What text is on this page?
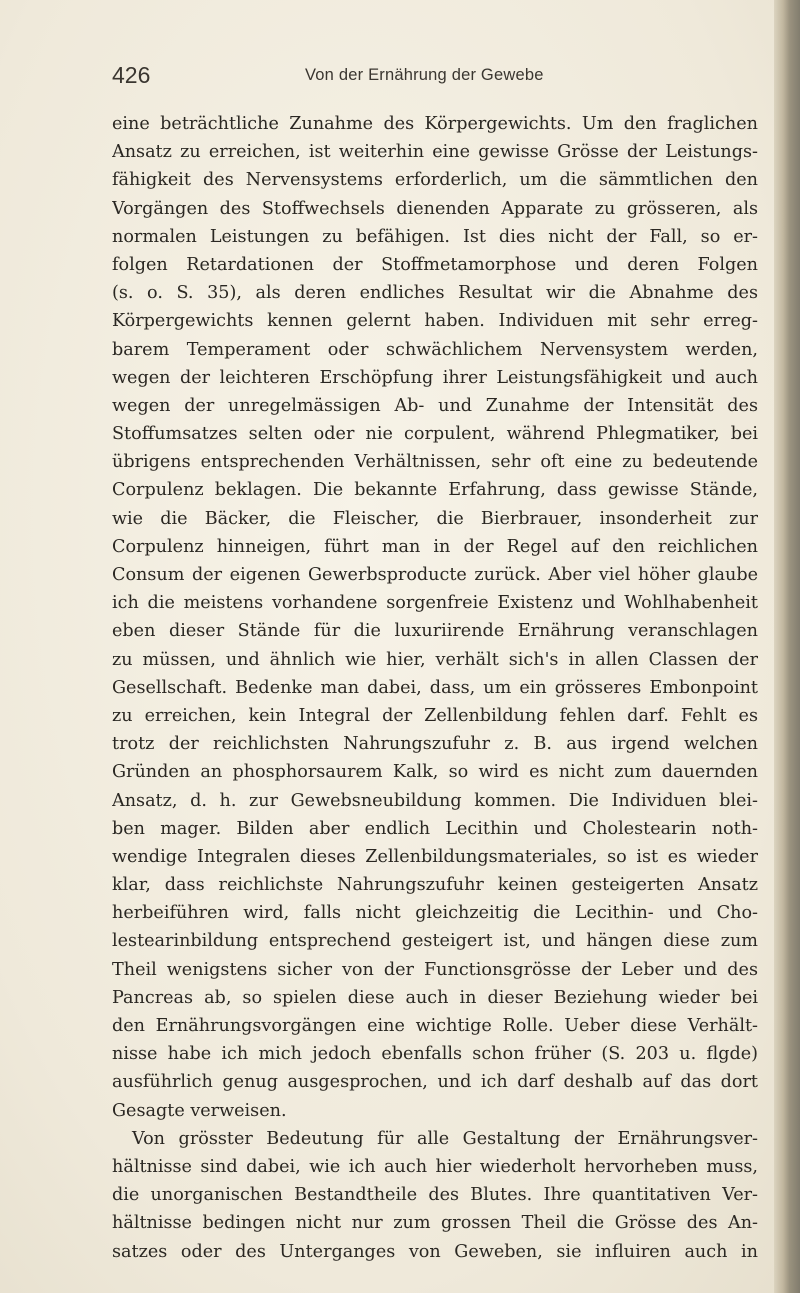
426	Von der Ernährung der Gewebe
eine beträchtliche Zunahme des Körpergewichts. Um den fraglichen
Ansatz zu erreichen, ist weiterhin eine gewisse Grösse der Leistungs-
fähigkeit des Nervensystems erforderlich, um die sämmtlichen den
Vorgängen des Stoffwechsels dienenden Apparate zu grösseren, als
normalen Leistungen zu befähigen. Ist dies nicht der Fall, so er-
folgen Retardationen der Stoffmetamorphose und deren Folgen
(s. o. S. 35), als deren endliches Resultat wir die Abnahme des
Körpergewichts kennen gelernt haben. Individuen mit sehr erreg-
barem Temperament oder schwächlichem Nervensystem werden,
wegen der leichteren Erschöpfung ihrer Leistungsfähigkeit und auch
wegen der unregelmässigen Ab- und Zunahme der Intensität des
Stoffumsatzes selten oder nie corpulent, während Phlegmatiker, bei
übrigens entsprechenden Verhältnissen, sehr oft eine zu bedeutende
Corpulenz beklagen. Die bekannte Erfahrung, dass gewisse Stände,
wie die Bäcker, die Fleischer, die Bierbrauer, insonderheit zur
Corpulenz hinneigen, führt man in der Regel auf den reichlichen
Consum der eigenen Gewerbsproducte zurück. Aber viel höher glaube
ich die meistens vorhandene sorgenfreie Existenz und Wohlhabenheit
eben dieser Stände für die luxuriirende Ernährung veranschlagen
zu müssen, und ähnlich wie hier, verhält sich's in allen Classen der
Gesellschaft. Bedenke man dabei, dass, um ein grösseres Embonpoint
zu erreichen, kein Integral der Zellenbildung fehlen darf. Fehlt es
trotz der reichlichsten Nahrungszufuhr z. B. aus irgend welchen
Gründen an phosphorsaurem Kalk, so wird es nicht zum dauernden
Ansatz, d. h. zur Gewebsneubildung kommen. Die Individuen blei-
ben mager. Bilden aber endlich Lecithin und Cholestearin noth-
wendige Integralen dieses Zellenbildungsmateriales, so ist es wieder
klar, dass reichlichste Nahrungszufuhr keinen gesteigerten Ansatz
herbeiführen wird, falls nicht gleichzeitig die Lecithin- und Cho-
lestearinbildung entsprechend gesteigert ist, und hängen diese zum
Theil wenigstens sicher von der Functionsgrösse der Leber und des
Pancreas ab, so spielen diese auch in dieser Beziehung wieder bei
den Ernährungsvorgängen eine wichtige Rolle. Ueber diese Verhält-
nisse habe ich mich jedoch ebenfalls schon früher (S. 203 u. flgde)
ausführlich genug ausgesprochen, und ich darf deshalb auf das dort
Gesagte verweisen.
Von grösster Bedeutung für alle Gestaltung der Ernährungsver-
hältnisse sind dabei, wie ich auch hier wiederholt hervorheben muss,
die unorganischen Bestandtheile des Blutes. Ihre quantitativen Ver-
hältnisse bedingen nicht nur zum grossen Theil die Grösse des An-
satzes oder des Unterganges von Geweben, sie influiren auch in
